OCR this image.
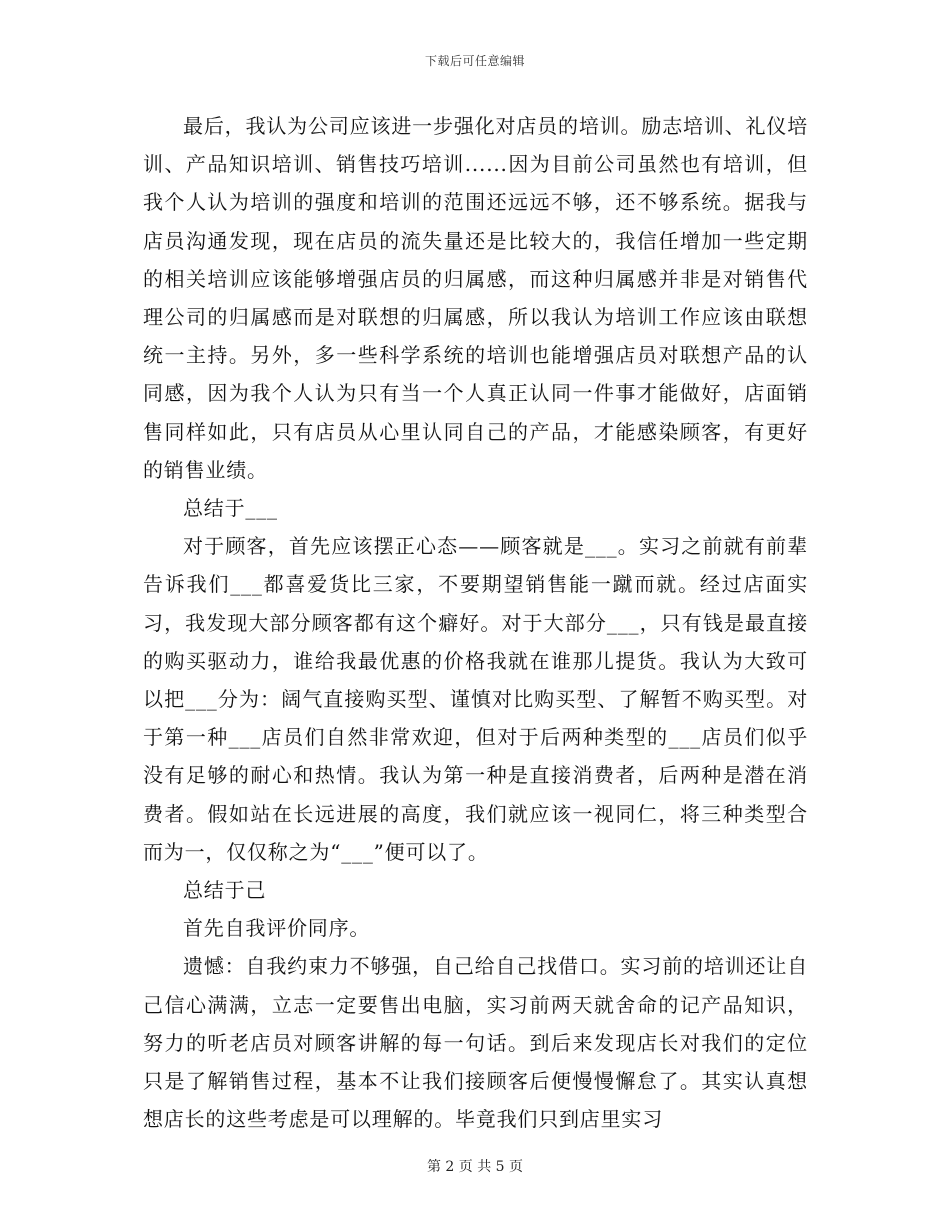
下载后可任意编辑

最后，我认为公司应该进一步强化对店员的培训。励志培训、礼仪培训、产品知识培训、销售技巧培训......因为目前公司虽然也有培训，但我个人认为培训的强度和培训的范围还远远不够，还不够系统。据我与店员沟通发现，现在店员的流失量还是比较大的，我信任增加一些定期的相关培训应该能够增强店员的归属感，而这种归属感并非是对销售代理公司的归属感而是对联想的归属感，所以我认为培训工作应该由联想统一主持。另外，多一些科学系统的培训也能增强店员对联想产品的认同感，因为我个人认为只有当一个人真正认同一件事才能做好，店面销售同样如此，只有店员从心里认同自己的产品，才能感染顾客，有更好的销售业绩。

总结于___

对于顾客，首先应该摆正心态——顾客就是___。实习之前就有前辈告诉我们___都喜爱货比三家，不要期望销售能一蹴而就。经过店面实习，我发现大部分顾客都有这个癖好。对于大部分___，只有钱是最直接的购买驱动力，谁给我最优惠的价格我就在谁那儿提货。我认为大致可以把___分为：阔气直接购买型、谨慎对比购买型、了解暂不购买型。对于第一种___店员们自然非常欢迎，但对于后两种类型的___店员们似乎没有足够的耐心和热情。我认为第一种是直接消费者，后两种是潜在消费者。假如站在长远进展的高度，我们就应该一视同仁，将三种类型合而为一，仅仅称之为“___”便可以了。

总结于己

首先自我评价同序。

遗憾：自我约束力不够强，自己给自己找借口。实习前的培训还让自己信心满满，立志一定要售出电脑，实习前两天就舍命的记产品知识，努力的听老店员对顾客讲解的每一句话。到后来发现店长对我们的定位只是了解销售过程，基本不让我们接顾客后便慢慢懈怠了。其实认真想想店长的这些考虑是可以理解的。毕竟我们只到店里实习

第 2 页 共 5 页
